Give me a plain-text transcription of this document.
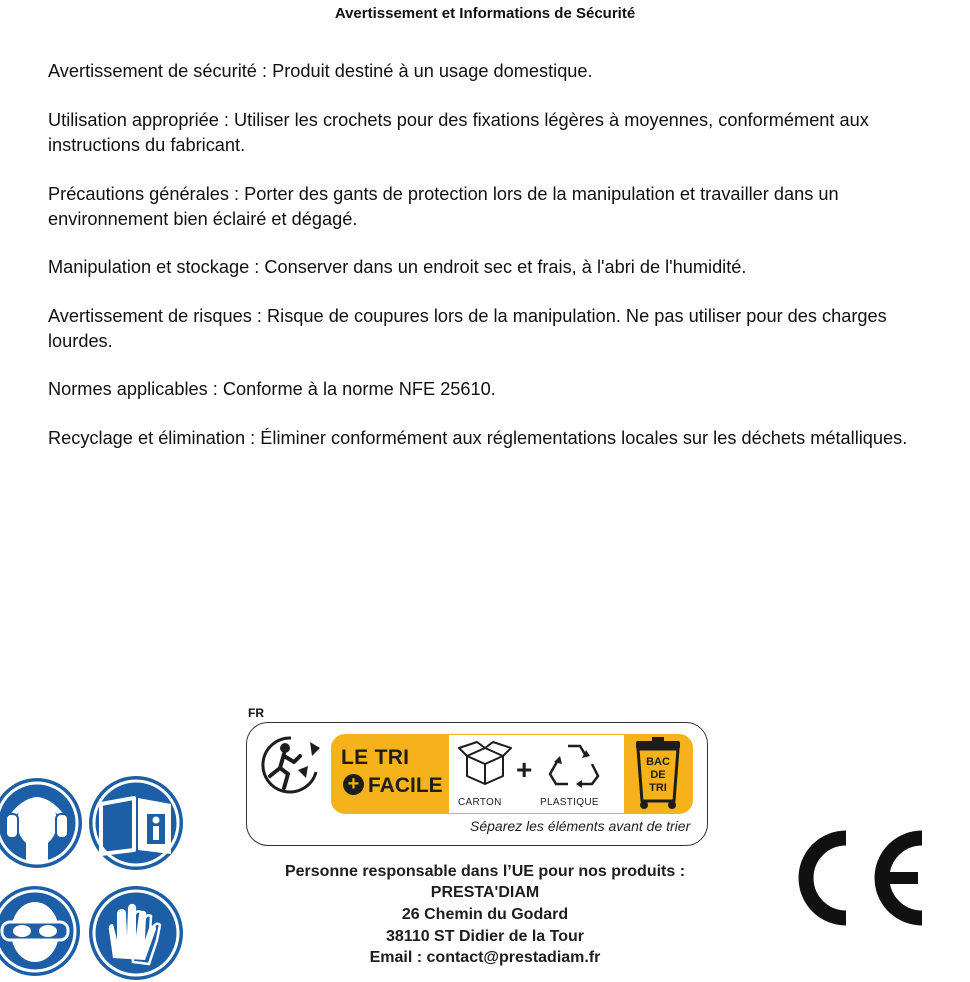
Avertissement et Informations de Sécurité
Avertissement de sécurité : Produit destiné à un usage domestique.
Utilisation appropriée : Utiliser les crochets pour des fixations légères à moyennes, conformément aux instructions du fabricant.
Précautions générales : Porter des gants de protection lors de la manipulation et travailler dans un environnement bien éclairé et dégagé.
Manipulation et stockage : Conserver dans un endroit sec et frais, à l'abri de l'humidité.
Avertissement de risques : Risque de coupures lors de la manipulation. Ne pas utiliser pour des charges lourdes.
Normes applicables : Conforme à la norme NFE 25610.
Recyclage et élimination : Éliminer conformément aux réglementations locales sur les déchets métalliques.
FR
LE TRI
+ FACILE
CARTON
+
PLASTIQUE
BAC
DE
TRI
Séparez les éléments avant de trier
Personne responsable dans l’UE pour nos produits :
PRESTA'DIAM
26 Chemin du Godard
38110 ST Didier de la Tour
Email : contact@prestadiam.fr
